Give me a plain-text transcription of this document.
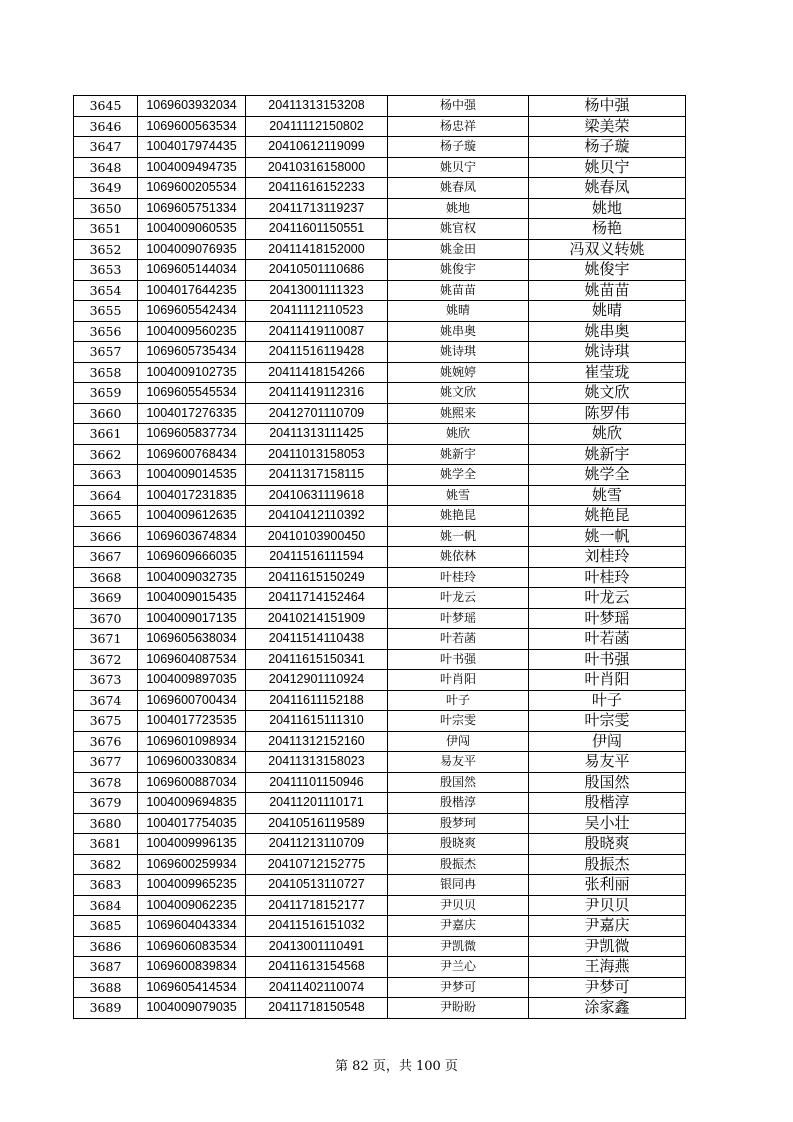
3645	1069603932034	20411313153208	杨中强	杨中强
3646	1069600563534	20411112150802	杨忠祥	梁美荣
3647	1004017974435	20410612119099	杨子璇	杨子璇
3648	1004009494735	20410316158000	姚贝宁	姚贝宁
3649	1069600205534	20411616152233	姚春凤	姚春凤
3650	1069605751334	20411713119237	姚地	姚地
3651	1004009060535	20411601150551	姚官权	杨艳
3652	1004009076935	20411418152000	姚金田	冯双义转姚
3653	1069605144034	20410501110686	姚俊宇	姚俊宇
3654	1004017644235	20413001111323	姚苗苗	姚苗苗
3655	1069605542434	20411112110523	姚晴	姚晴
3656	1004009560235	20411419110087	姚串奥	姚串奥
3657	1069605735434	20411516119428	姚诗琪	姚诗琪
3658	1004009102735	20411418154266	姚婉婷	崔莹珑
3659	1069605545534	20411419112316	姚文欣	姚文欣
3660	1004017276335	20412701110709	姚熙来	陈罗伟
3661	1069605837734	20411313111425	姚欣	姚欣
3662	1069600768434	20411013158053	姚新宇	姚新宇
3663	1004009014535	20411317158115	姚学全	姚学全
3664	1004017231835	20410631119618	姚雪	姚雪
3665	1004009612635	20410412110392	姚艳昆	姚艳昆
3666	1069603674834	20410103900450	姚一帆	姚一帆
3667	1069609666035	20411516111594	姚依林	刘桂玲
3668	1004009032735	20411615150249	叶桂玲	叶桂玲
3669	1004009015435	20411714152464	叶龙云	叶龙云
3670	1004009017135	20410214151909	叶梦瑶	叶梦瑶
3671	1069605638034	20411514110438	叶若菡	叶若菡
3672	1069604087534	20411615150341	叶书强	叶书强
3673	1004009897035	20412901110924	叶肖阳	叶肖阳
3674	1069600700434	20411611152188	叶子	叶子
3675	1004017723535	20411615111310	叶宗雯	叶宗雯
3676	1069601098934	20411312152160	伊闯	伊闯
3677	1069600330834	20411313158023	易友平	易友平
3678	1069600887034	20411101150946	殷国然	殷国然
3679	1004009694835	20411201110171	殷楷淳	殷楷淳
3680	1004017754035	20410516119589	殷梦珂	吴小壮
3681	1004009996135	20411213110709	殷晓爽	殷晓爽
3682	1069600259934	20410712152775	殷振杰	殷振杰
3683	1004009965235	20410513110727	银同冉	张利丽
3684	1004009062235	20411718152177	尹贝贝	尹贝贝
3685	1069604043334	20411516151032	尹嘉庆	尹嘉庆
3686	1069606083534	20413001110491	尹凯微	尹凯微
3687	1069600839834	20411613154568	尹兰心	王海燕
3688	1069605414534	20411402110074	尹梦可	尹梦可
3689	1004009079035	20411718150548	尹盼盼	涂家鑫
第 82 页，共 100 页
